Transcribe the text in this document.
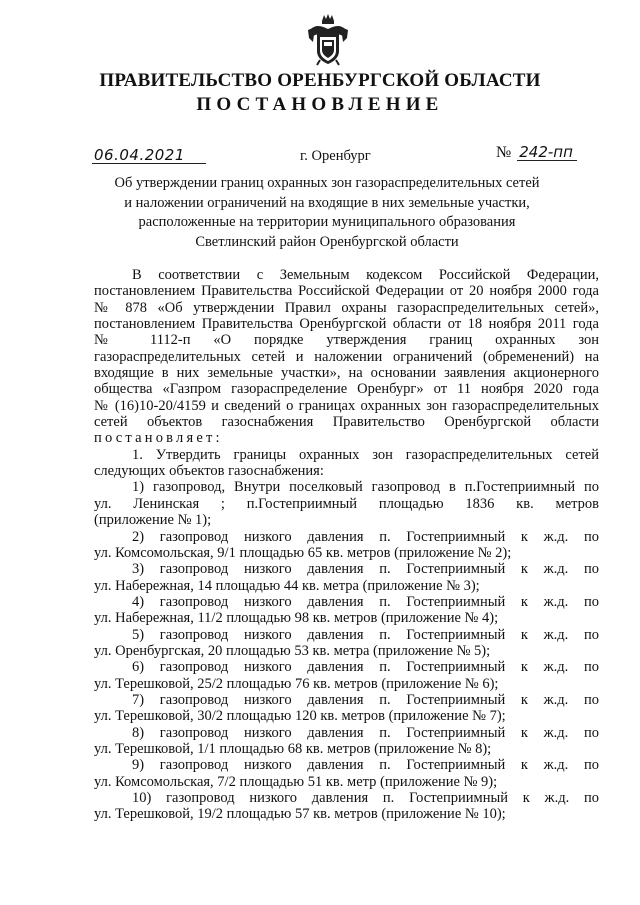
ПРАВИТЕЛЬСТВО ОРЕНБУРГСКОЙ ОБЛАСТИ
ПОСТАНОВЛЕНИЕ
06.04.2021	г. Оренбург	№ 242-пп
Об утверждении границ охранных зон газораспределительных сетей
и наложении ограничений на входящие в них земельные участки,
расположенные на территории муниципального образования
Светлинский район Оренбургской области

В соответствии с Земельным кодексом Российской Федерации,

постановлением Правительства Российской Федерации от 20 ноября 2000 года

№ 878 «Об утверждении Правил охраны газораспределительных сетей»,

постановлением Правительства Оренбургской области от 18 ноября 2011 года

№ 1112-п «О порядке утверждения границ охранных зон

газораспределительных сетей и наложении ограничений (обременений) на

входящие в них земельные участки», на основании заявления акционерного

общества «Газпром газораспределение Оренбург» от 11 ноября 2020 года

№ (16)10-20/4159 и сведений о границах охранных зон газораспределительных

сетей объектов газоснабжения Правительство Оренбургской области

постановляет:

1. Утвердить границы охранных зон газораспределительных сетей

следующих объектов газоснабжения:

1) газопровод, Внутри поселковый газопровод в п.Гостеприимный по

ул. Ленинская ; п.Гостеприимный площадью 1836 кв. метров

(приложение № 1);

2) газопровод низкого давления п. Гостеприимный к ж.д. по

ул. Комсомольская, 9/1 площадью 65 кв. метров (приложение № 2);

3) газопровод низкого давления п. Гостеприимный к ж.д. по

ул. Набережная, 14 площадью 44 кв. метра (приложение № 3);

4) газопровод низкого давления п. Гостеприимный к ж.д. по

ул. Набережная, 11/2 площадью 98 кв. метров (приложение № 4);

5) газопровод низкого давления п. Гостеприимный к ж.д. по

ул. Оренбургская, 20 площадью 53 кв. метра (приложение № 5);

6) газопровод низкого давления п. Гостеприимный к ж.д. по

ул. Терешковой, 25/2 площадью 76 кв. метров (приложение № 6);

7) газопровод низкого давления п. Гостеприимный к ж.д. по

ул. Терешковой, 30/2 площадью 120 кв. метров (приложение № 7);

8) газопровод низкого давления п. Гостеприимный к ж.д. по

ул. Терешковой, 1/1 площадью 68 кв. метров (приложение № 8);

9) газопровод низкого давления п. Гостеприимный к ж.д. по

ул. Комсомольская, 7/2 площадью 51 кв. метр (приложение № 9);

10) газопровод низкого давления п. Гостеприимный к ж.д. по

ул. Терешковой, 19/2 площадью 57 кв. метров (приложение № 10);
